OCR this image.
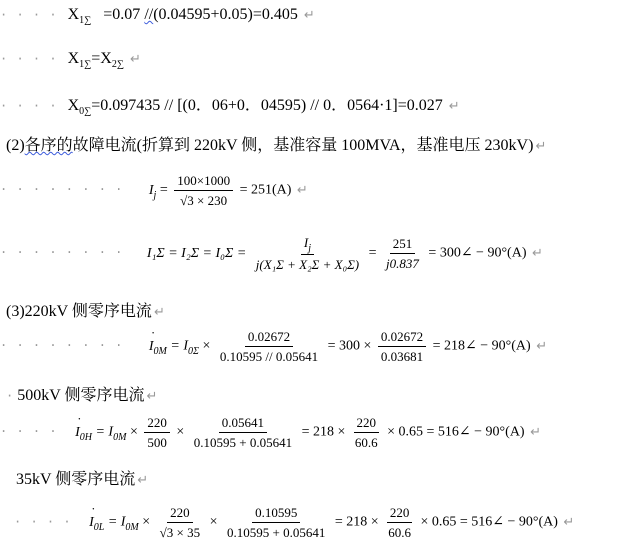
· · · · $X_{1\sum} =0.07$ //(0.04595+0.05)=0.405 ↵
· · · · $X_{1\sum}=X_{2\sum}$ ↵
· · · · $X_{0\sum}=0.097435 // [(0$．06+0．04595) // 0．0564·1]=0.027 ↵
(2)各序的故障电流(折算到 220kV 侧，基准容量 100MVA，基准电压 230kV) ↵
· · · · · · · · $I_j = \frac{100\times 1000}{√3 \times 230} = 251(A)$ ↵
· · · · · · · · $I_1\Sigma = I_2\Sigma = I_0\Sigma = \frac{I_j}{\text{j(X₁Σ + X₂Σ + X₀Σ)}} = \frac{251}{j0.837}$ = 300∠ − 90°(A) ↵
(3)220kV 侧零序电流 ↵
· · · · · · · · ˙ $I_{0M} = I_{0\Sigma} \times \frac{0.02672}{0.10595 // 0.05641} = 300 \times \frac{0.02672}{0.03681}$ = 218∠ − 90°(A) ↵
· 500kV 侧零序电流 ↵
· · · · ˙ $I_{0H} = I_{0M} \times \frac{220}{500} \times \frac{0.05641}{0.10595 + 0.05641} = 218 \times \frac{220}{60.6} \times 0.65$ = 516∠ − 90°(A) ↵
35kV 侧零序电流 ↵
· · · · ˙ $I_{0L} = I_{0M} \times \frac{220}{√3 \times 35} \times \frac{0.10595}{0.10595 + 0.05641} = 218 \times \frac{220}{60.6} \times 0.65$ = 516∠ − 90°(A) ↵
